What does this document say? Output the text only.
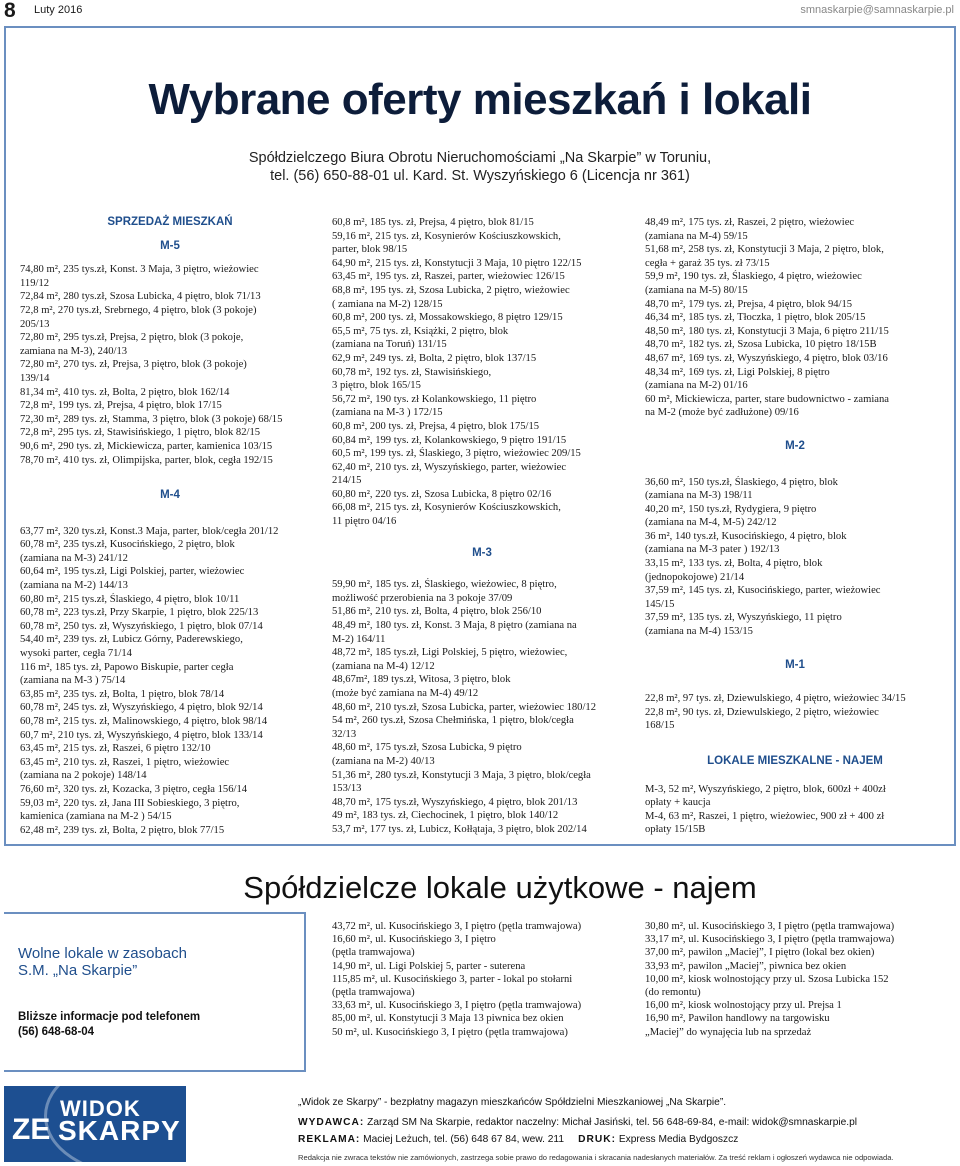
8 Luty 2016	smnaskarpie@samnaskarpie.pl
Wybrane oferty mieszkań i lokali
Spółdzielczego Biura Obrotu Nieruchomościami „Na Skarpie” w Toruniu,
tel. (56) 650-88-01 ul. Kard. St. Wyszyńskiego 6 (Licencja nr 361)
SPRZEDAŻ MIESZKAŃ
M-5
74,80 m², 235 tys.zł, Konst. 3 Maja, 3 piętro, wieżowiec
119/12
72,84 m², 280 tys.zł, Szosa Lubicka, 4 piętro, blok 71/13
72,8 m², 270 tys.zł, Srebrnego, 4 piętro, blok (3 pokoje)
205/13
72,80 m², 295 tys.zł, Prejsa, 2 piętro, blok (3 pokoje,
zamiana na M-3), 240/13
72,80 m², 270 tys. zł, Prejsa, 3 piętro, blok (3 pokoje)
139/14
81,34 m², 410 tys. zł, Bolta, 2 piętro, blok 162/14
72,8 m², 199 tys. zł, Prejsa, 4 piętro, blok 17/15
72,30 m², 289 tys. zł, Stamma, 3 piętro, blok (3 pokoje) 68/15
72,8 m², 295 tys. zł, Stawisińskiego, 1 piętro, blok 82/15
90,6 m², 290 tys. zł, Mickiewicza, parter, kamienica 103/15
78,70 m², 410 tys. zł, Olimpijska, parter, blok, cegła 192/15
M-4
63,77 m², 320 tys.zł, Konst.3 Maja, parter, blok/cegła 201/12
60,78 m², 235 tys.zł, Kusocińskiego, 2 piętro, blok
(zamiana na M-3) 241/12
60,64 m², 195 tys.zł, Ligi Polskiej, parter, wieżowiec
(zamiana na M-2) 144/13
60,80 m², 215 tys.zł, Ślaskiego, 4 piętro, blok 10/11
60,78 m², 223 tys.zł, Przy Skarpie, 1 piętro, blok 225/13
60,78 m², 250 tys. zł, Wyszyńskiego, 1 piętro, blok 07/14
54,40 m², 239 tys. zł, Lubicz Górny, Paderewskiego,
wysoki parter, cegła 71/14
116 m², 185 tys. zł, Papowo Biskupie, parter cegła
(zamiana na M-3 ) 75/14
63,85 m², 235 tys. zł, Bolta, 1 piętro, blok 78/14
60,78 m², 245 tys. zł, Wyszyńskiego, 4 piętro, blok 92/14
60,78 m², 215 tys. zł, Malinowskiego, 4 piętro, blok 98/14
60,7 m², 210 tys. zł, Wyszyńskiego, 4 piętro, blok 133/14
63,45 m², 215 tys. zł, Raszei, 6 piętro 132/10
63,45 m², 210 tys. zł, Raszei, 1 piętro, wieżowiec
(zamiana na 2 pokoje) 148/14
76,60 m², 320 tys. zł, Kozacka, 3 piętro, cegła 156/14
59,03 m², 220 tys. zł, Jana III Sobieskiego, 3 piętro,
kamienica (zamiana na M-2 ) 54/15
62,48 m², 239 tys. zł, Bolta, 2 piętro, blok 77/15
60,8 m², 185 tys. zł, Prejsa, 4 piętro, blok 81/15
59,16 m², 215 tys. zł, Kosynierów Kościuszkowskich,
parter, blok 98/15
64,90 m², 215 tys. zł, Konstytucji 3 Maja, 10 piętro 122/15
63,45 m², 195 tys. zł, Raszei, parter, wieżowiec 126/15
68,8 m², 195 tys. zł, Szosa Lubicka, 2 piętro, wieżowiec
( zamiana na M-2) 128/15
60,8 m², 200 tys. zł, Mossakowskiego, 8 piętro 129/15
65,5 m², 75 tys. zł, Książki, 2 piętro, blok
(zamiana na Toruń) 131/15
62,9 m², 249 tys. zł, Bolta, 2 piętro, blok 137/15
60,78 m², 192 tys. zł, Stawisińskiego,
3 piętro, blok 165/15
56,72 m², 190 tys. zł Kolankowskiego, 11 piętro
(zamiana na M-3 ) 172/15
60,8 m², 200 tys. zł, Prejsa, 4 piętro, blok 175/15
60,84 m², 199 tys. zł, Kolankowskiego, 9 piętro 191/15
60,5 m², 199 tys. zł, Ślaskiego, 3 piętro, wieżowiec 209/15
62,40 m², 210 tys. zł, Wyszyńskiego, parter, wieżowiec
214/15
60,80 m², 220 tys. zł, Szosa Lubicka, 8 piętro 02/16
66,08 m², 215 tys. zł, Kosynierów Kościuszkowskich,
11 piętro 04/16
M-3
59,90 m², 185 tys. zł, Ślaskiego, wieżowiec, 8 piętro,
możliwość przerobienia na 3 pokoje 37/09
51,86 m², 210 tys. zł, Bolta, 4 piętro, blok 256/10
48,49 m², 180 tys. zł, Konst. 3 Maja, 8 piętro (zamiana na
M-2) 164/11
48,72 m², 185 tys.zł, Ligi Polskiej, 5 piętro, wieżowiec,
(zamiana na M-4) 12/12
48,67m², 189 tys.zł, Witosa, 3 piętro, blok
(może być zamiana na M-4) 49/12
48,60 m², 210 tys.zł, Szosa Lubicka, parter, wieżowiec 180/12
54 m², 260 tys.zł, Szosa Chełmińska, 1 piętro, blok/cegła
32/13
48,60 m², 175 tys.zł, Szosa Lubicka, 9 piętro
(zamiana na M-2) 40/13
51,36 m², 280 tys.zł, Konstytucji 3 Maja, 3 piętro, blok/cegła
153/13
48,70 m², 175 tys.zł, Wyszyńskiego, 4 piętro, blok 201/13
49 m², 183 tys. zł, Ciechocinek, 1 piętro, blok 140/12
53,7 m², 177 tys. zł, Lubicz, Kołłątaja, 3 piętro, blok 202/14
48,49 m², 175 tys. zł, Raszei, 2 piętro, wieżowiec
(zamiana na M-4) 59/15
51,68 m², 258 tys. zł, Konstytucji 3 Maja, 2 piętro, blok,
cegła + garaż 35 tys. zł 73/15
59,9 m², 190 tys. zł, Ślaskiego, 4 piętro, wieżowiec
(zamiana na M-5) 80/15
48,70 m², 179 tys. zł, Prejsa, 4 piętro, blok 94/15
46,34 m², 185 tys. zł, Tłoczka, 1 piętro, blok 205/15
48,50 m², 180 tys. zł, Konstytucji 3 Maja, 6 piętro 211/15
48,70 m², 182 tys. zł, Szosa Lubicka, 10 piętro 18/15B
48,67 m², 169 tys. zł, Wyszyńskiego, 4 piętro, blok 03/16
48,34 m², 169 tys. zł, Ligi Polskiej, 8 piętro
(zamiana na M-2) 01/16
60 m², Mickiewicza, parter, stare budownictwo - zamiana
na M-2 (może być zadłużone) 09/16
M-2
36,60 m², 150 tys.zł, Ślaskiego, 4 piętro, blok
(zamiana na M-3) 198/11
40,20 m², 150 tys.zł, Rydygiera, 9 piętro
(zamiana na M-4, M-5) 242/12
36 m², 140 tys.zł, Kusocińskiego, 4 piętro, blok
(zamiana na M-3 pater ) 192/13
33,15 m², 133 tys. zł, Bolta, 4 piętro, blok
(jednopokojowe) 21/14
37,59 m², 145 tys. zł, Kusocińskiego, parter, wieżowiec
145/15
37,59 m², 135 tys. zł, Wyszyńskiego, 11 piętro
(zamiana na M-4) 153/15
M-1
22,8 m², 97 tys. zł, Dziewulskiego, 4 piętro, wieżowiec 34/15
22,8 m², 90 tys. zł, Dziewulskiego, 2 piętro, wieżowiec
168/15
LOKALE MIESZKALNE - NAJEM
M-3, 52 m², Wyszyńskiego, 2 piętro, blok, 600zł + 400zł
opłaty + kaucja
M-4, 63 m², Raszei, 1 piętro, wieżowiec, 900 zł + 400 zł
opłaty 15/15B
Spółdzielcze lokale użytkowe - najem
Wolne lokale w zasobach
S.M. „Na Skarpie”
Bliższe informacje pod telefonem
(56) 648-68-04
43,72 m², ul. Kusocińskiego 3, I piętro (pętla tramwajowa)
16,60 m², ul. Kusocińskiego 3, I piętro
(pętla tramwajowa)
14,90 m², ul. Ligi Polskiej 5, parter - suterena
115,85 m², ul. Kusocińskiego 3, parter - lokal po stołarni
(pętla tramwajowa)
33,63 m², ul. Kusocińskiego 3, I piętro (pętla tramwajowa)
85,00 m², ul. Konstytucji 3 Maja 13 piwnica bez okien
50 m², ul. Kusocińskiego 3, I piętro (pętla tramwajowa)
30,80 m², ul. Kusocińskiego 3, I piętro (pętla tramwajowa)
33,17 m², ul. Kusocińskiego 3, I piętro (pętla tramwajowa)
37,00 m², pawilon „Maciej”, I piętro (lokal bez okien)
33,93 m², pawilon „Maciej”, piwnica bez okien
10,00 m², kiosk wolnostojący przy ul. Szosa Lubicka 152
(do remontu)
16,00 m², kiosk wolnostojący przy ul. Prejsa 1
16,90 m², Pawilon handlowy na targowisku
„Maciej” do wynajęcia lub na sprzedaż
ZE
WIDOK
SKARPY
„Widok ze Skarpy” - bezpłatny magazyn mieszkańców Spółdzielni Mieszkaniowej „Na Skarpie”.
WYDAWCA: Zarząd SM Na Skarpie, redaktor naczelny: Michał Jasiński, tel. 56 648-69-84, e-mail: widok@smnaskarpie.pl
REKLAMA: Maciej Leżuch, tel. (56) 648 67 84, wew. 211 DRUK: Express Media Bydgoszcz
Redakcja nie zwraca tekstów nie zamówionych, zastrzega sobie prawo do redagowania i skracania nadesłanych materiałów. Za treść reklam i ogłoszeń wydawca nie odpowiada.
